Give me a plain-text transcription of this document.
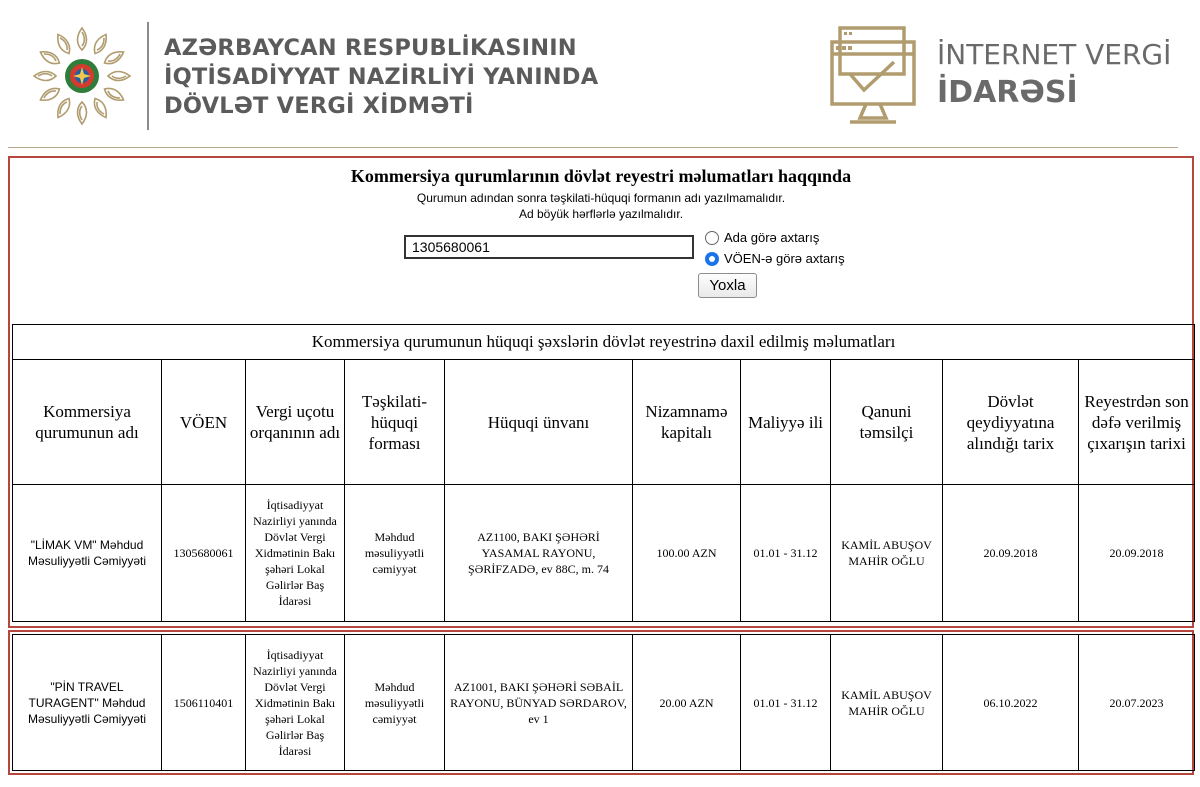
AZƏRBAYCAN RESPUBLİKASININ
İQTİSADİYYAT NAZİRLİYİ YANINDA
DÖVLƏT VERGİ XİDMƏTİ
İNTERNET VERGİ
İDARƏSİ
Kommersiya qurumlarının dövlət reyestri məlumatları haqqında
Qurumun adından sonra təşkilati-hüquqi formanın adı yazılmamalıdır.
Ad böyük hərflərlə yazılmalıdır.
1305680061
Ada görə axtarış
VÖEN-ə görə axtarış
Yoxla
Kommersiya qurumunun hüquqi şəxslərin dövlət reyestrinə daxil edilmiş məlumatları									
Kommersiya qurumunun adı	VÖEN	Vergi uçotu orqanının adı	Təşkilati-hüquqi forması	Hüquqi ünvanı	Nizamnamə kapitalı	Maliyyə ili	Qanuni təmsilçi	Dövlət qeydiyyatına alındığı tarix	Reyestrdən son dəfə verilmiş çıxarışın tarixi
"LİMAK VM" Məhdud Məsuliyyətli Cəmiyyəti	1305680061	İqtisadiyyat Nazirliyi yanında Dövlət Vergi Xidmətinin Bakı şəhəri Lokal Gəlirlər Baş İdarəsi	Məhdud məsuliyyətli cəmiyyət	AZ1100, BAKI ŞƏHƏRİ YASAMAL RAYONU, ŞƏRİFZADƏ, ev 88C, m. 74	100.00 AZN	01.01 - 31.12	KAMİL ABUŞOV MAHİR OĞLU	20.09.2018	20.09.2018
"PİN TRAVEL TURAGENT" Məhdud Məsuliyyətli Cəmiyyəti	1506110401	İqtisadiyyat Nazirliyi yanında Dövlət Vergi Xidmətinin Bakı şəhəri Lokal Gəlirlər Baş İdarəsi	Məhdud məsuliyyətli cəmiyyət	AZ1001, BAKI ŞƏHƏRİ SƏBAİL RAYONU, BÜNYAD SƏRDAROV, ev 1	20.00 AZN	01.01 - 31.12	KAMİL ABUŞOV MAHİR OĞLU	06.10.2022	20.07.2023
